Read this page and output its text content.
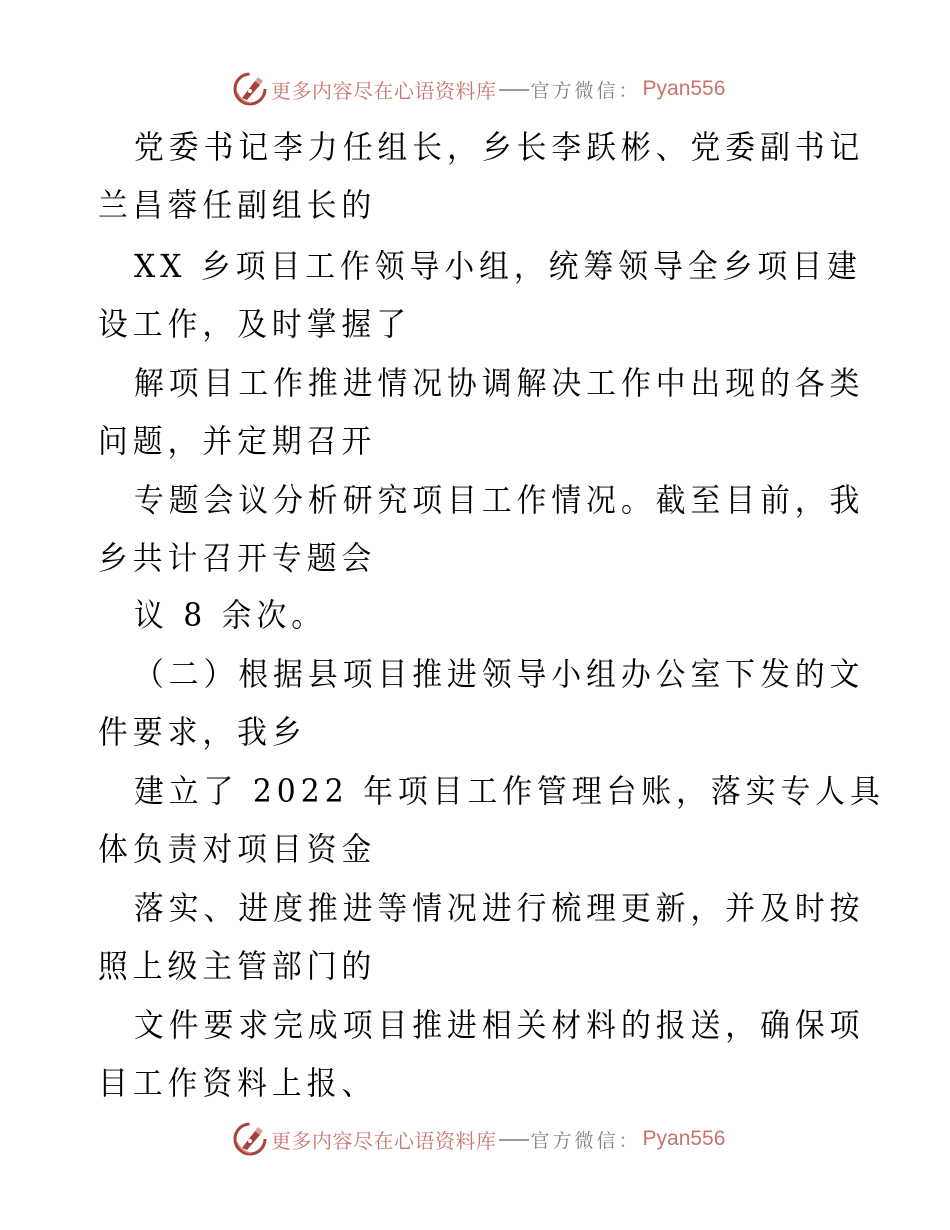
更多内容尽在心语资料库 官方微信： Pyan556
党委书记李力任组长，乡长李跃彬、党委副书记
兰昌蓉任副组长的
XX 乡项目工作领导小组，统筹领导全乡项目建
设工作，及时掌握了
解项目工作推进情况协调解决工作中出现的各类
问题，并定期召开
专题会议分析研究项目工作情况。截至目前，我
乡共计召开专题会
议 8 余次。
（二）根据县项目推进领导小组办公室下发的文
件要求，我乡
建立了 2022 年项目工作管理台账，落实专人具
体负责对项目资金
落实、进度推进等情况进行梳理更新，并及时按
照上级主管部门的
文件要求完成项目推进相关材料的报送，确保项
目工作资料上报、
更多内容尽在心语资料库 官方微信： Pyan556
